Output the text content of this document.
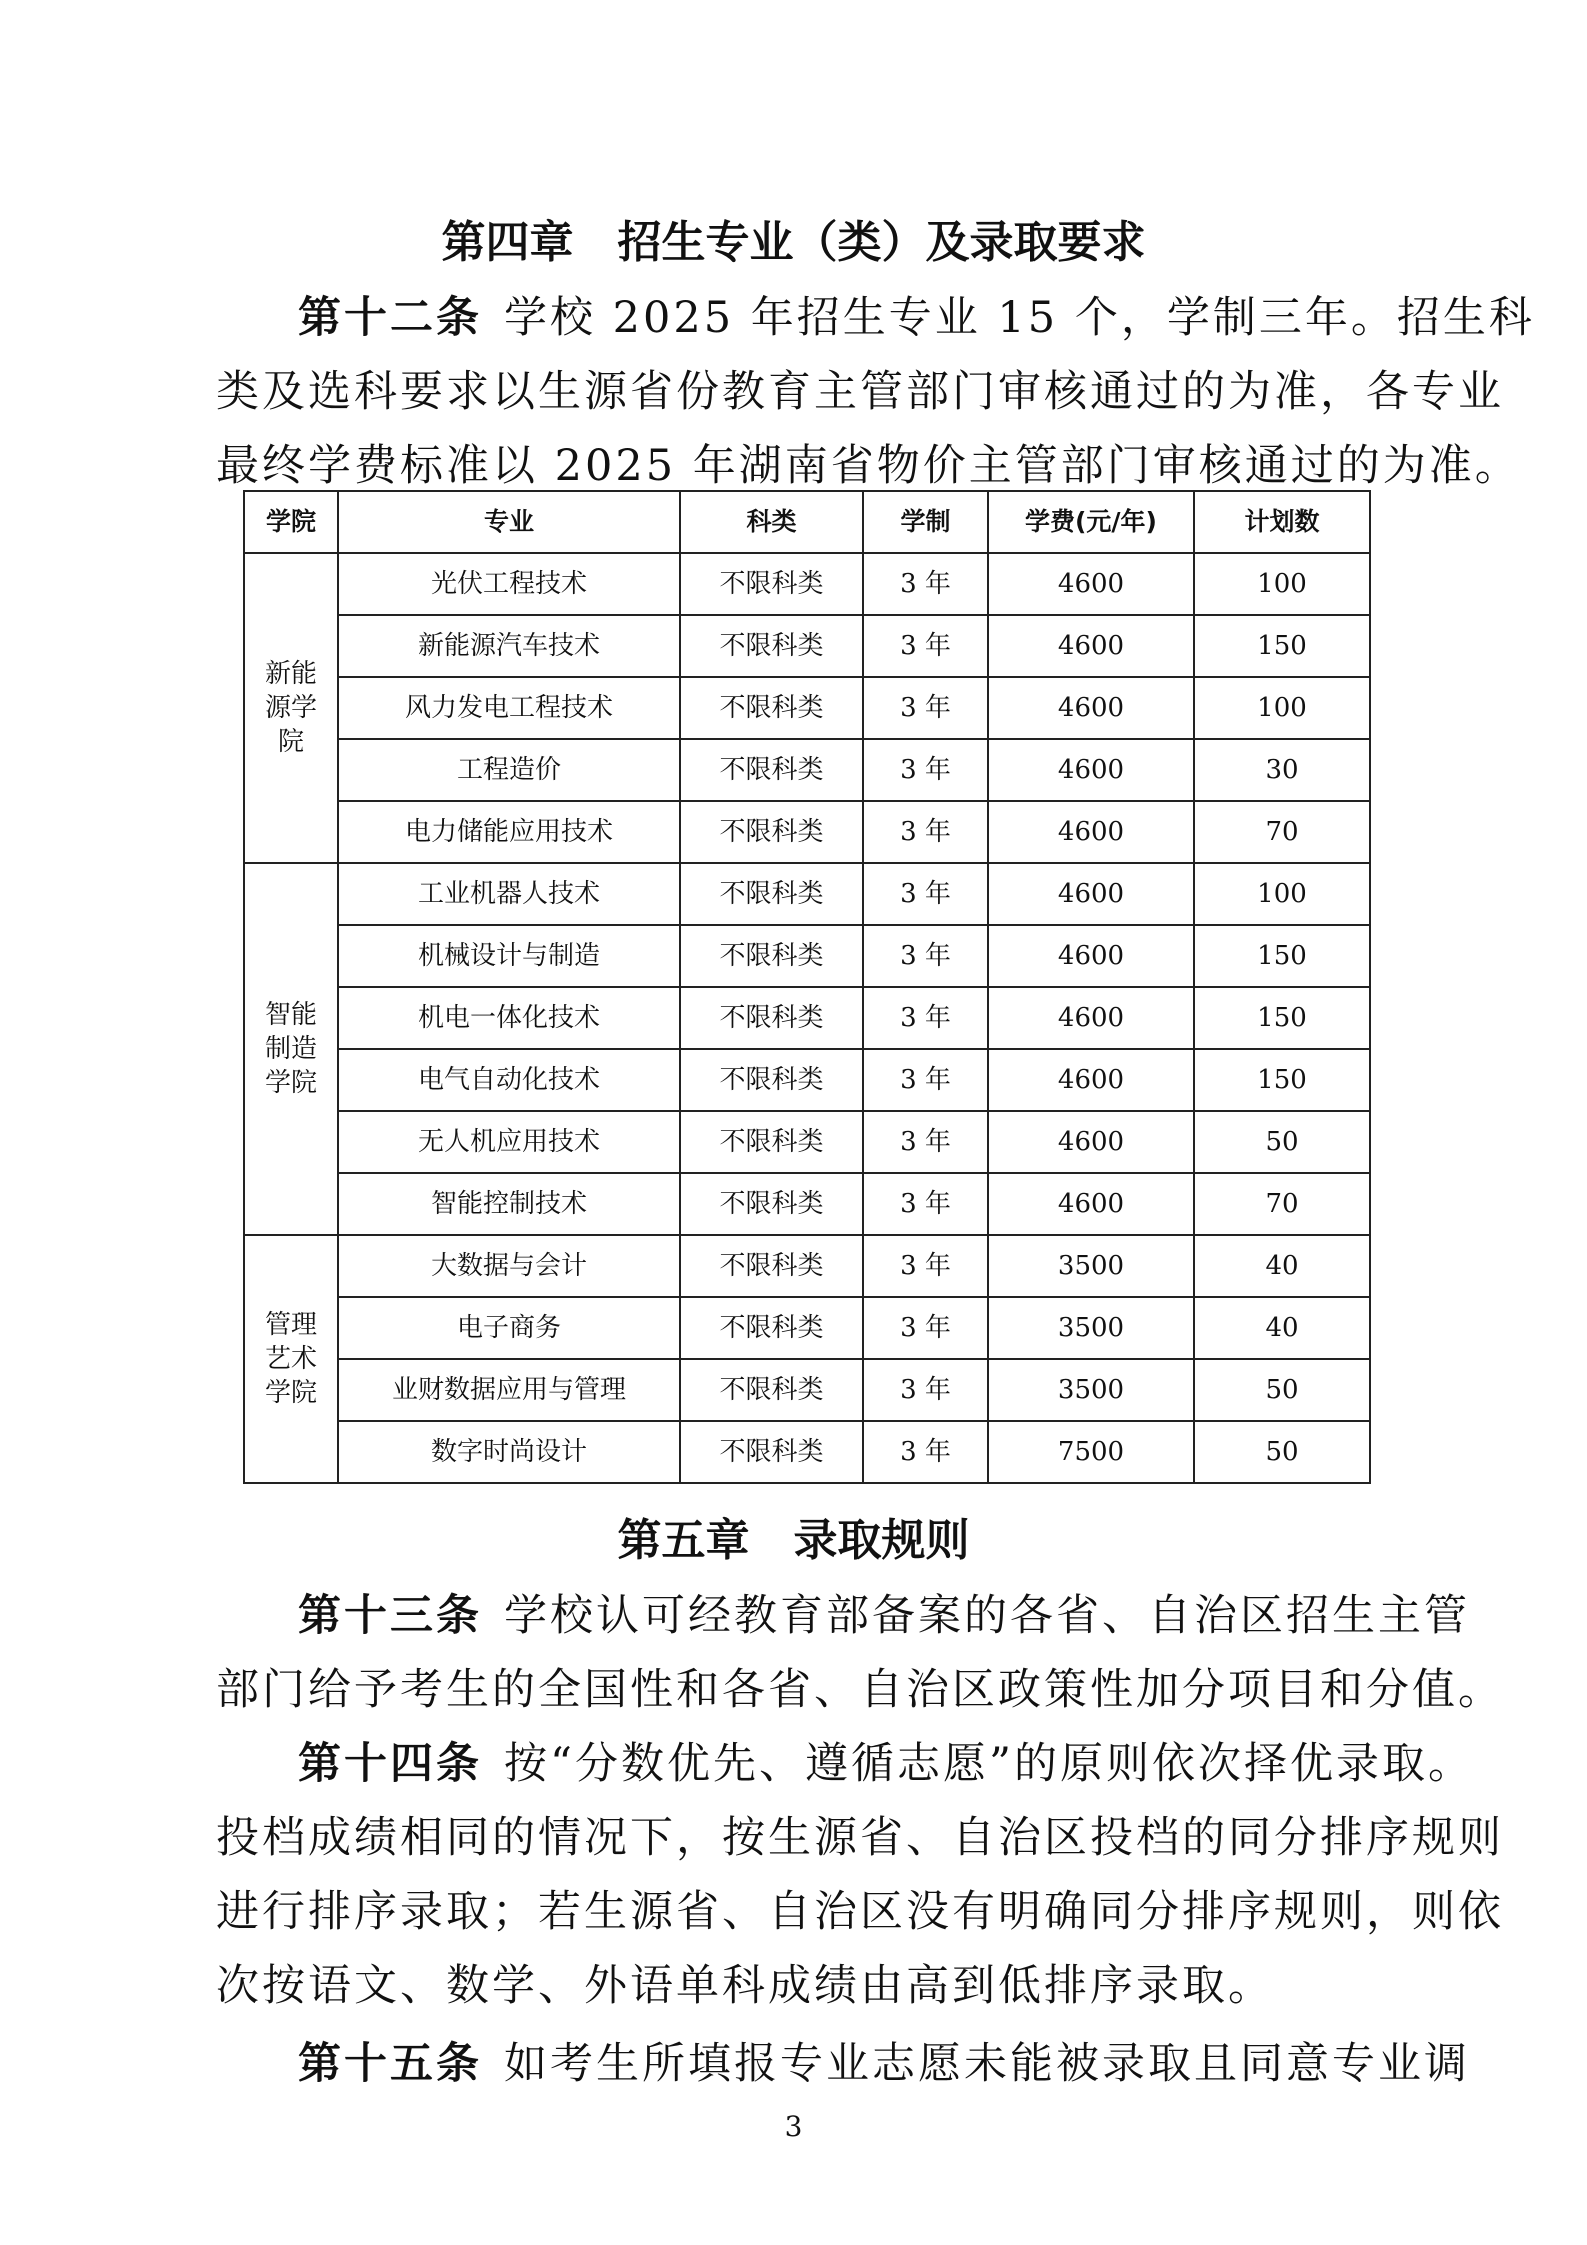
第四章　招生专业（类）及录取要求
第十二条 学校 2025 年招生专业 15 个，学制三年。招生科
类及选科要求以生源省份教育主管部门审核通过的为准，各专业
最终学费标准以 2025 年湖南省物价主管部门审核通过的为准。
学院	专业	科类	学制	学费(元/年)	计划数
新能源学院	光伏工程技术	不限科类	3 年	4600	100
	新能源汽车技术	不限科类	3 年	4600	150
	风力发电工程技术	不限科类	3 年	4600	100
	工程造价	不限科类	3 年	4600	30
	电力储能应用技术	不限科类	3 年	4600	70
智能制造学院	工业机器人技术	不限科类	3 年	4600	100
	机械设计与制造	不限科类	3 年	4600	150
	机电一体化技术	不限科类	3 年	4600	150
	电气自动化技术	不限科类	3 年	4600	150
	无人机应用技术	不限科类	3 年	4600	50
	智能控制技术	不限科类	3 年	4600	70
管理艺术学院	大数据与会计	不限科类	3 年	3500	40
	电子商务	不限科类	3 年	3500	40
	业财数据应用与管理	不限科类	3 年	3500	50
	数字时尚设计	不限科类	3 年	7500	50
第五章　录取规则
第十三条 学校认可经教育部备案的各省、自治区招生主管
部门给予考生的全国性和各省、自治区政策性加分项目和分值。
第十四条 按“分数优先、遵循志愿”的原则依次择优录取。
投档成绩相同的情况下，按生源省、自治区投档的同分排序规则
进行排序录取；若生源省、自治区没有明确同分排序规则，则依
次按语文、数学、外语单科成绩由高到低排序录取。
第十五条 如考生所填报专业志愿未能被录取且同意专业调
3
